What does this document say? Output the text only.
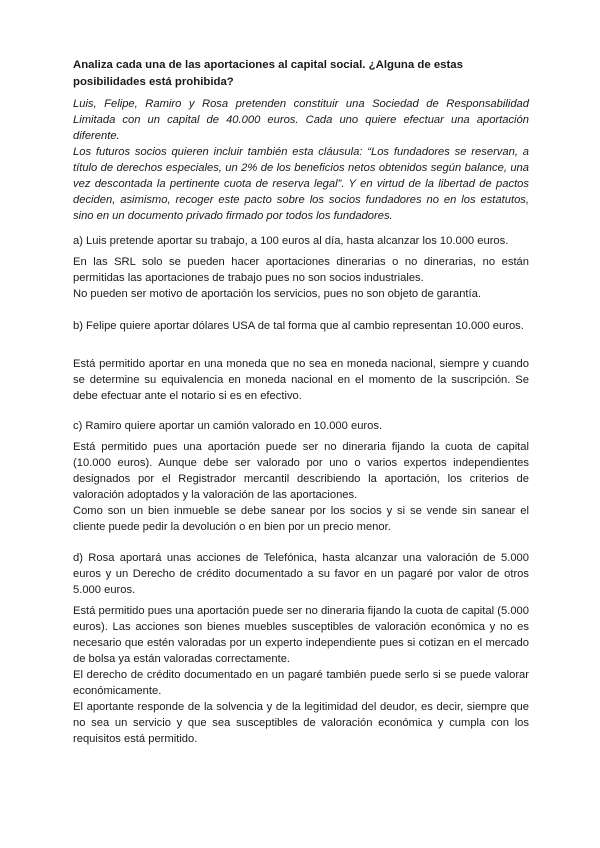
Analiza cada una de las aportaciones al capital social. ¿Alguna de estas posibilidades está prohibida?

Luis, Felipe, Ramiro y Rosa pretenden constituir una Sociedad de Responsabilidad Limitada con un capital de 40.000 euros. Cada uno quiere efectuar una aportación diferente.

Los futuros socios quieren incluir también esta cláusula: “Los fundadores se reservan, a título de derechos especiales, un 2% de los beneficios netos obtenidos según balance, una vez descontada la pertinente cuota de reserva legal”. Y en virtud de la libertad de pactos deciden, asimismo, recoger este pacto sobre los socios fundadores no en los estatutos, sino en un documento privado firmado por todos los fundadores.

a) Luis pretende aportar su trabajo, a 100 euros al día, hasta alcanzar los 10.000 euros.

En las SRL solo se pueden hacer aportaciones dinerarias o no dinerarias, no están permitidas las aportaciones de trabajo pues no son socios industriales.

No pueden ser motivo de aportación los servicios, pues no son objeto de garantía.

b) Felipe quiere aportar dólares USA de tal forma que al cambio representan 10.000 euros.

Está permitido aportar en una moneda que no sea en moneda nacional, siempre y cuando se determine su equivalencia en moneda nacional en el momento de la suscripción. Se debe efectuar ante el notario si es en efectivo.

c) Ramiro quiere aportar un camión valorado en 10.000 euros.

Está permitido pues una aportación puede ser no dineraria fijando la cuota de capital (10.000 euros). Aunque debe ser valorado por uno o varios expertos independientes designados por el Registrador mercantil describiendo la aportación, los criterios de valoración adoptados y la valoración de las aportaciones.

Como son un bien inmueble se debe sanear por los socios y si se vende sin sanear el cliente puede pedir la devolución o en bien por un precio menor.

d) Rosa aportará unas acciones de Telefónica, hasta alcanzar una valoración de 5.000 euros y un Derecho de crédito documentado a su favor en un pagaré por valor de otros 5.000 euros.

Está permitido pues una aportación puede ser no dineraria fijando la cuota de capital (5.000 euros). Las acciones son bienes muebles susceptibles de valoración económica y no es necesario que estén valoradas por un experto independiente pues si cotizan en el mercado de bolsa ya están valoradas correctamente.

El derecho de crédito documentado en un pagaré también puede serlo si se puede valorar económicamente.

El aportante responde de la solvencia y de la legitimidad del deudor, es decir, siempre que no sea un servicio y que sea susceptibles de valoración económica y cumpla con los requisitos está permitido.
